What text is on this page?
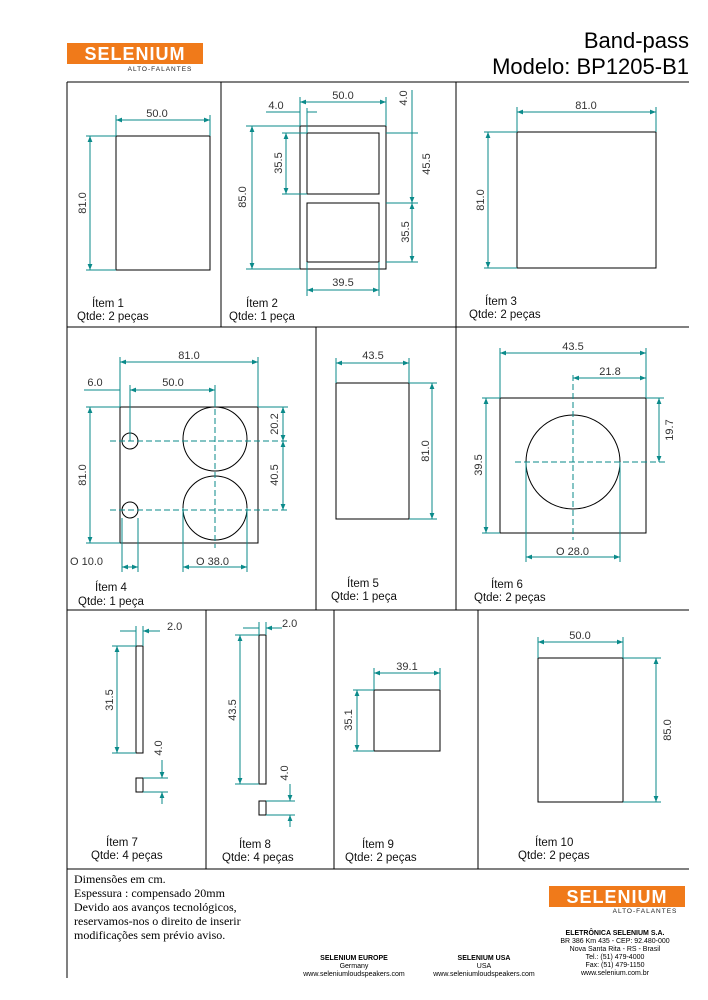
SELENIUM
ALTO-FALANTES
Band-pass
Modelo: BP1205-B1
50.0
81.0
Ítem 1
Qtde: 2 peças
50.0
4.0
4.0
35.5	45.5
85.0
35.5
39.5
Ítem 2
Qtde: 1 peça
81.0
81.0
Ítem 3
Qtde: 2 peças
81.0
6.0	50.0
20.2
40.5
81.0
O 10.0	O 38.0
Ítem 4
Qtde: 1 peça
43.5
81.0
Ítem 5
Qtde: 1 peça
43.5
21.8
19.7
39.5
O 28.0
Ítem 6
Qtde: 2 peças
2.0
31.5
4.0
Ítem 7
Qtde: 4 peças
2.0
43.5
4.0
Ítem 8
Qtde: 4 peças
39.1
35.1
Ítem 9
Qtde: 2 peças
50.0
85.0
Ítem 10
Qtde: 2 peças
Dimensões em cm.
Espessura : compensado 20mm
Devido aos avanços tecnológicos,
reservamos-nos o direito de inserir
modificações sem prévio aviso.
SELENIUM EUROPE
Germany
www.seleniumloudspeakers.com
SELENIUM USA
USA
www.seleniumloudspeakers.com
SELENIUM
ALTO-FALANTES
ELETRÔNICA SELENIUM S.A.
BR 386 Km 435 - CEP: 92.480-000
Nova Santa Rita - RS - Brasil
Tel.: (51) 479-4000
Fax: (51) 479-1150
www.selenium.com.br
